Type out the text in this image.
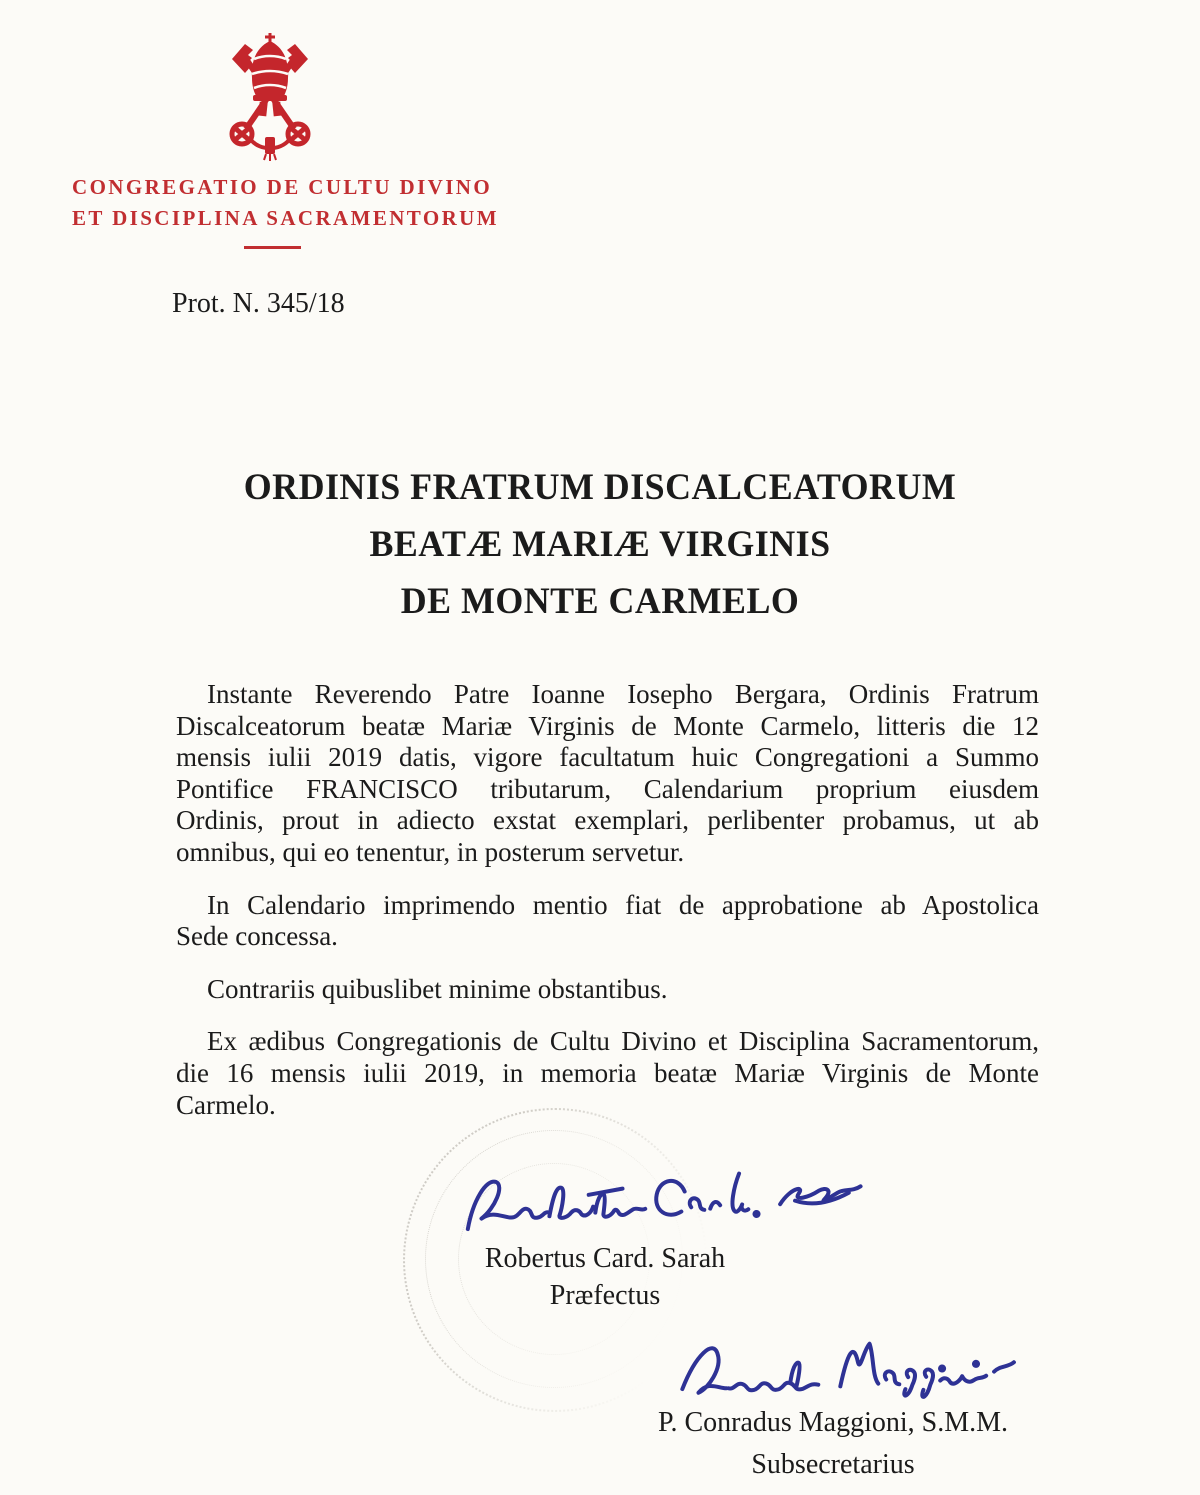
CONGREGATIO DE CULTU DIVINO
ET DISCIPLINA SACRAMENTORUM
Prot. N. 345/18
ORDINIS FRATRUM DISCALCEATORUM
BEATÆ MARIÆ VIRGINIS
DE MONTE CARMELO

Instante Reverendo Patre Ioanne Iosepho Bergara, Ordinis Fratrum
Discalceatorum beatæ Mariæ Virginis de Monte Carmelo, litteris die 12
mensis iulii 2019 datis, vigore facultatum huic Congregationi a Summo
Pontifice FRANCISCO tributarum, Calendarium proprium eiusdem
Ordinis, prout in adiecto exstat exemplari, perlibenter probamus, ut ab
omnibus, qui eo tenentur, in posterum servetur.

In Calendario imprimendo mentio fiat de approbatione ab Apostolica
Sede concessa.

Contrariis quibuslibet minime obstantibus.

Ex ædibus Congregationis de Cultu Divino et Disciplina Sacramentorum,
die 16 mensis iulii 2019, in memoria beatæ Mariæ Virginis de Monte
Carmelo.

Robertus Card. Sarah
Præfectus
P. Conradus Maggioni, S.M.M.
Subsecretarius
